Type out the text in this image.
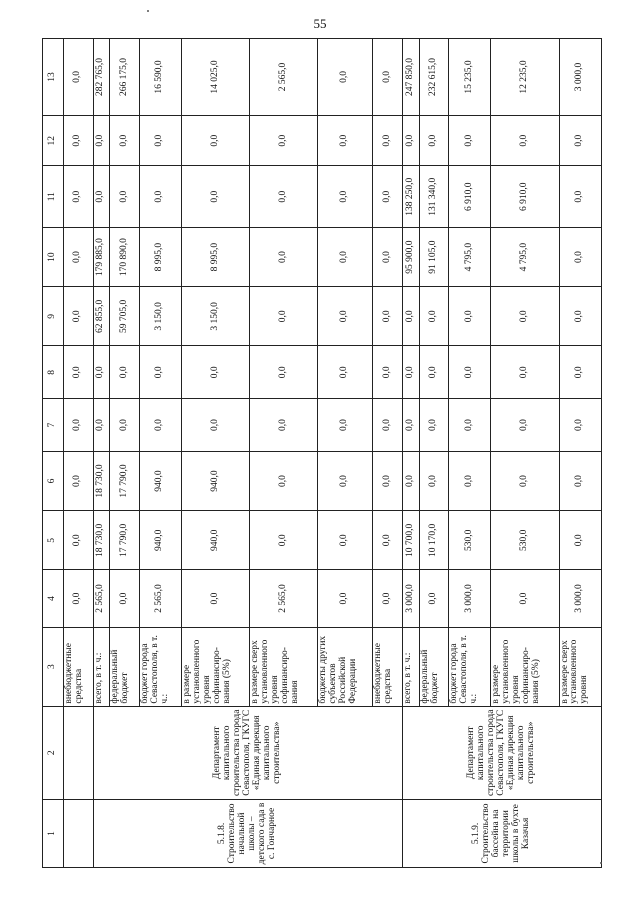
55
1	2	3	4	5	6	7	8	9	10	11	12	13
		внебюджетные средства	0,0	0,0	0,0	0,0	0,0	0,0	0,0	0,0	0,0	0,0
5.1.8. Строительство начальной школы – детского сада в с. Гончарное	Департамент капитального строительства города Севастополя, ГКУГС «Единая дирекция капитального строительства»	всего, в т. ч.:	2 565,0	18 730,0	18 730,0	0,0	0,0	62 855,0	179 885,0	0,0	0,0	282 765,0
		федеральный бюджет	0,0	17 790,0	17 790,0	0,0	0,0	59 705,0	170 890,0	0,0	0,0	266 175,0
		бюджет города Севастополя, в т. ч.:	2 565,0	940,0	940,0	0,0	0,0	3 150,0	8 995,0	0,0	0,0	16 590,0
		в размере установленного уровня софинансиро-вания (5%)	0,0	940,0	940,0	0,0	0,0	3 150,0	8 995,0	0,0	0,0	14 025,0
		в размере сверх установленного уровня софинансиро-вания	2 565,0	0,0	0,0	0,0	0,0	0,0	0,0	0,0	0,0	2 565,0
		бюджеты других субъектов Российской Федерации	0,0	0,0	0,0	0,0	0,0	0,0	0,0	0,0	0,0	0,0
		внебюджетные средства	0,0	0,0	0,0	0,0	0,0	0,0	0,0	0,0	0,0	0,0
5.1.9. Строительство бассейна на территории школы в бухте Казачья	Департамент капитального строительства города Севастополя, ГКУГС «Единая дирекция капитального строительства»	всего, в т. ч.:	3 000,0	10 700,0	0,0	0,0	0,0	0,0	95 900,0	138 250,0	0,0	247 850,0
		федеральный бюджет	0,0	10 170,0	0,0	0,0	0,0	0,0	91 105,0	131 340,0	0,0	232 615,0
		бюджет города Севастополя, в т. ч.:	3 000,0	530,0	0,0	0,0	0,0	0,0	4 795,0	6 910,0	0,0	15 235,0
		в размере установленного уровня софинансиро-вания (5%)	0,0	530,0	0,0	0,0	0,0	0,0	4 795,0	6 910,0	0,0	12 235,0
		в размере сверх установленного уровня	3 000,0	0,0	0,0	0,0	0,0	0,0	0,0	0,0	0,0	3 000,0
